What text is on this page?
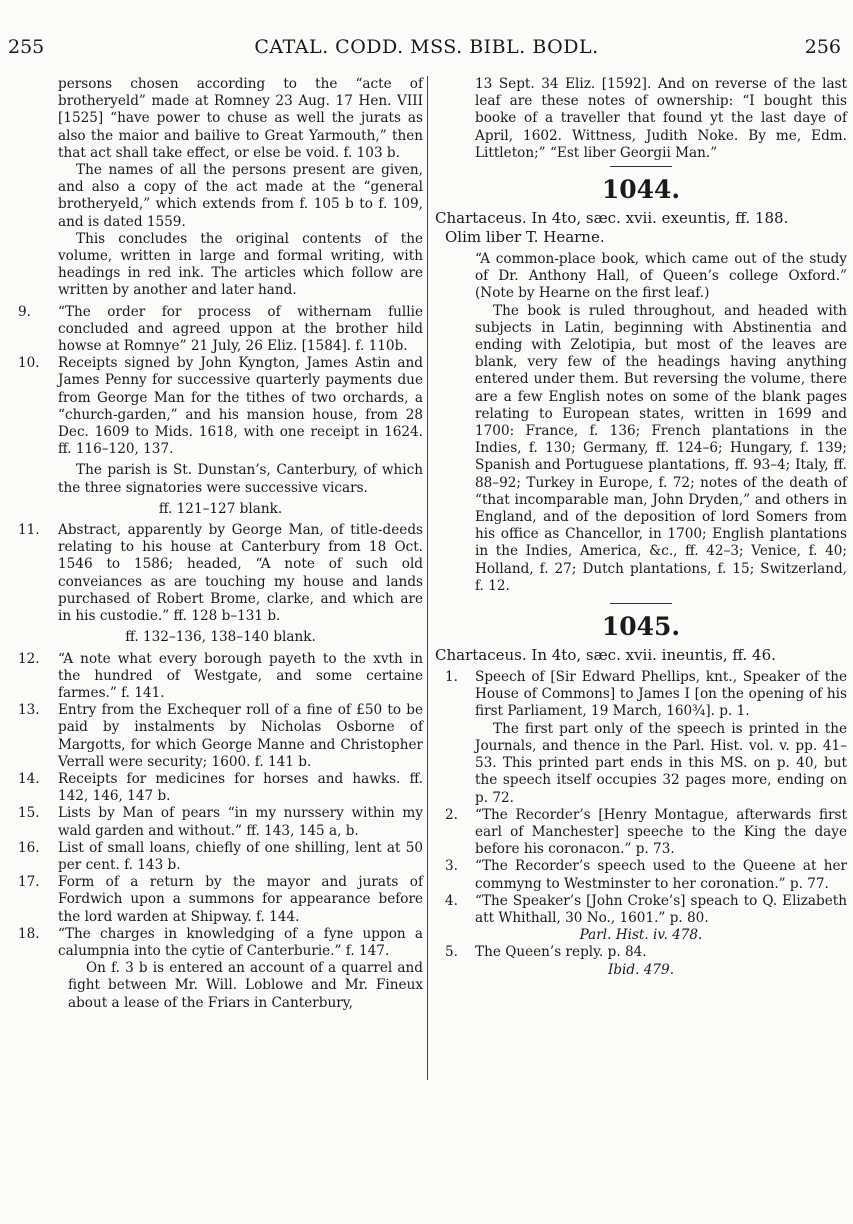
255	CATAL. CODD. MSS. BIBL. BODL.	256

persons chosen according to the “acte of brotheryeld” made at Romney 23 Aug. 17 Hen. VIII [1525] “have power to chuse as well the jurats as also the maior and bailive to Great Yarmouth,” then that act shall take effect, or else be void. f. 103 b.

The names of all the persons present are given, and also a copy of the act made at the “general brotheryeld,” which extends from f. 105 b to f. 109, and is dated 1559.

This concludes the original contents of the volume, written in large and formal writing, with headings in red ink. The articles which follow are written by another and later hand.

9.	“The order for process of withernam fullie concluded and agreed uppon at the brother hild howse at Romnye” 21 July, 26 Eliz. [1584]. f. 110b.
10.	Receipts signed by John Kyngton, James Astin and James Penny for successive quarterly payments due from George Man for the tithes of two orchards, a “church-garden,” and his mansion house, from 28 Dec. 1609 to Mids. 1618, with one receipt in 1624. ff. 116–120, 137.

The parish is St. Dunstan’s, Canterbury, of which the three signatories were successive vicars.

ff. 121–127 blank.

11.	Abstract, apparently by George Man, of title-deeds relating to his house at Canterbury from 18 Oct. 1546 to 1586; headed, “A note of such old conveiances as are touching my house and lands purchased of Robert Brome, clarke, and which are in his custodie.” ff. 128 b–131 b.

ff. 132–136, 138–140 blank.

12.	“A note what every borough payeth to the xvth in the hundred of Westgate, and some certaine farmes.” f. 141.
13.	Entry from the Exchequer roll of a fine of £50 to be paid by instalments by Nicholas Osborne of Margotts, for which George Manne and Christopher Verrall were security; 1600. f. 141 b.
14.	Receipts for medicines for horses and hawks. ff. 142, 146, 147 b.
15.	Lists by Man of pears “in my nurssery within my wald garden and without.” ff. 143, 145 a, b.
16.	List of small loans, chiefly of one shilling, lent at 50 per cent. f. 143 b.
17.	Form of a return by the mayor and jurats of Fordwich upon a summons for appearance before the lord warden at Shipway. f. 144.
18.	“The charges in knowledging of a fyne uppon a calumpnia into the cytie of Canterburie.” f. 147.

On f. 3 b is entered an account of a quarrel and fight between Mr. Will. Loblowe and Mr. Fineux about a lease of the Friars in Canterbury,

13 Sept. 34 Eliz. [1592]. And on reverse of the last leaf are these notes of ownership: “I bought this booke of a traveller that found yt the last daye of April, 1602. Wittness, Judith Noke. By me, Edm. Littleton;” “Est liber Georgii Man.”

1044.

Chartaceus. In 4to, sæc. xvii. exeuntis, ff. 188.

Olim liber T. Hearne.

“A common-place book, which came out of the study of Dr. Anthony Hall, of Queen’s college Oxford.” (Note by Hearne on the first leaf.)

The book is ruled throughout, and headed with subjects in Latin, beginning with Abstinentia and ending with Zelotipia, but most of the leaves are blank, very few of the headings having anything entered under them. But reversing the volume, there are a few English notes on some of the blank pages relating to European states, written in 1699 and 1700: France, f. 136; French plantations in the Indies, f. 130; Germany, ff. 124–6; Hungary, f. 139; Spanish and Portuguese plantations, ff. 93–4; Italy, ff. 88–92; Turkey in Europe, f. 72; notes of the death of “that incomparable man, John Dryden,” and others in England, and of the deposition of lord Somers from his office as Chancellor, in 1700; English plantations in the Indies, America, &c., ff. 42–3; Venice, f. 40; Holland, f. 27; Dutch plantations, f. 15; Switzerland, f. 12.

1045.

Chartaceus. In 4to, sæc. xvii. ineuntis, ff. 46.

1.	Speech of [Sir Edward Phellips, knt., Speaker of the House of Commons] to James I [on the opening of his first Parliament, 19 March, 160¾]. p. 1.

The first part only of the speech is printed in the Journals, and thence in the Parl. Hist. vol. v. pp. 41–53. This printed part ends in this MS. on p. 40, but the speech itself occupies 32 pages more, ending on p. 72.

2.	“The Recorder’s [Henry Montague, afterwards first earl of Manchester] speeche to the King the daye before his coronacon.” p. 73.
3.	“The Recorder’s speech used to the Queene at her commyng to Westminster to her coronation.” p. 77.
4.	“The Speaker’s [John Croke’s] speach to Q. Elizabeth att Whithall, 30 No., 1601.” p. 80.

Parl. Hist. iv. 478.

5.	The Queen’s reply. p. 84.

Ibid. 479.
